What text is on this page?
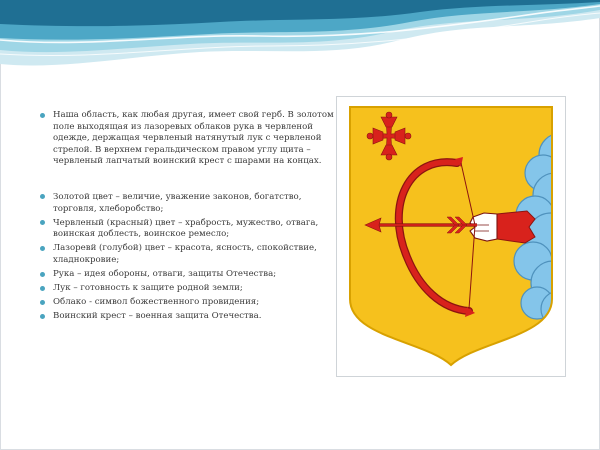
Наша область, как любая другая, имеет свой герб. В золотом поле выходящая из лазоревых облаков рука в червленой одежде, держащая червленый натянутый лук с червленой стрелой. В верхнем геральдическом правом углу щита – червленый лапчатый воинский крест с шарами на концах.
Золотой цвет – величие, уважение законов, богатство, торговля, хлеборобство;
Червленый (красный) цвет – храбрость, мужество, отвага, воинская доблесть, воинское ремесло;
Лазоревй (голубой) цвет – красота, ясность, спокойствие, хладнокровие;
Рука – идея обороны, отваги, защиты Отечества;
Лук – готовность к защите родной земли;
Облако - символ божественного провидения;
Воинский крест – военная защита Отечества.
